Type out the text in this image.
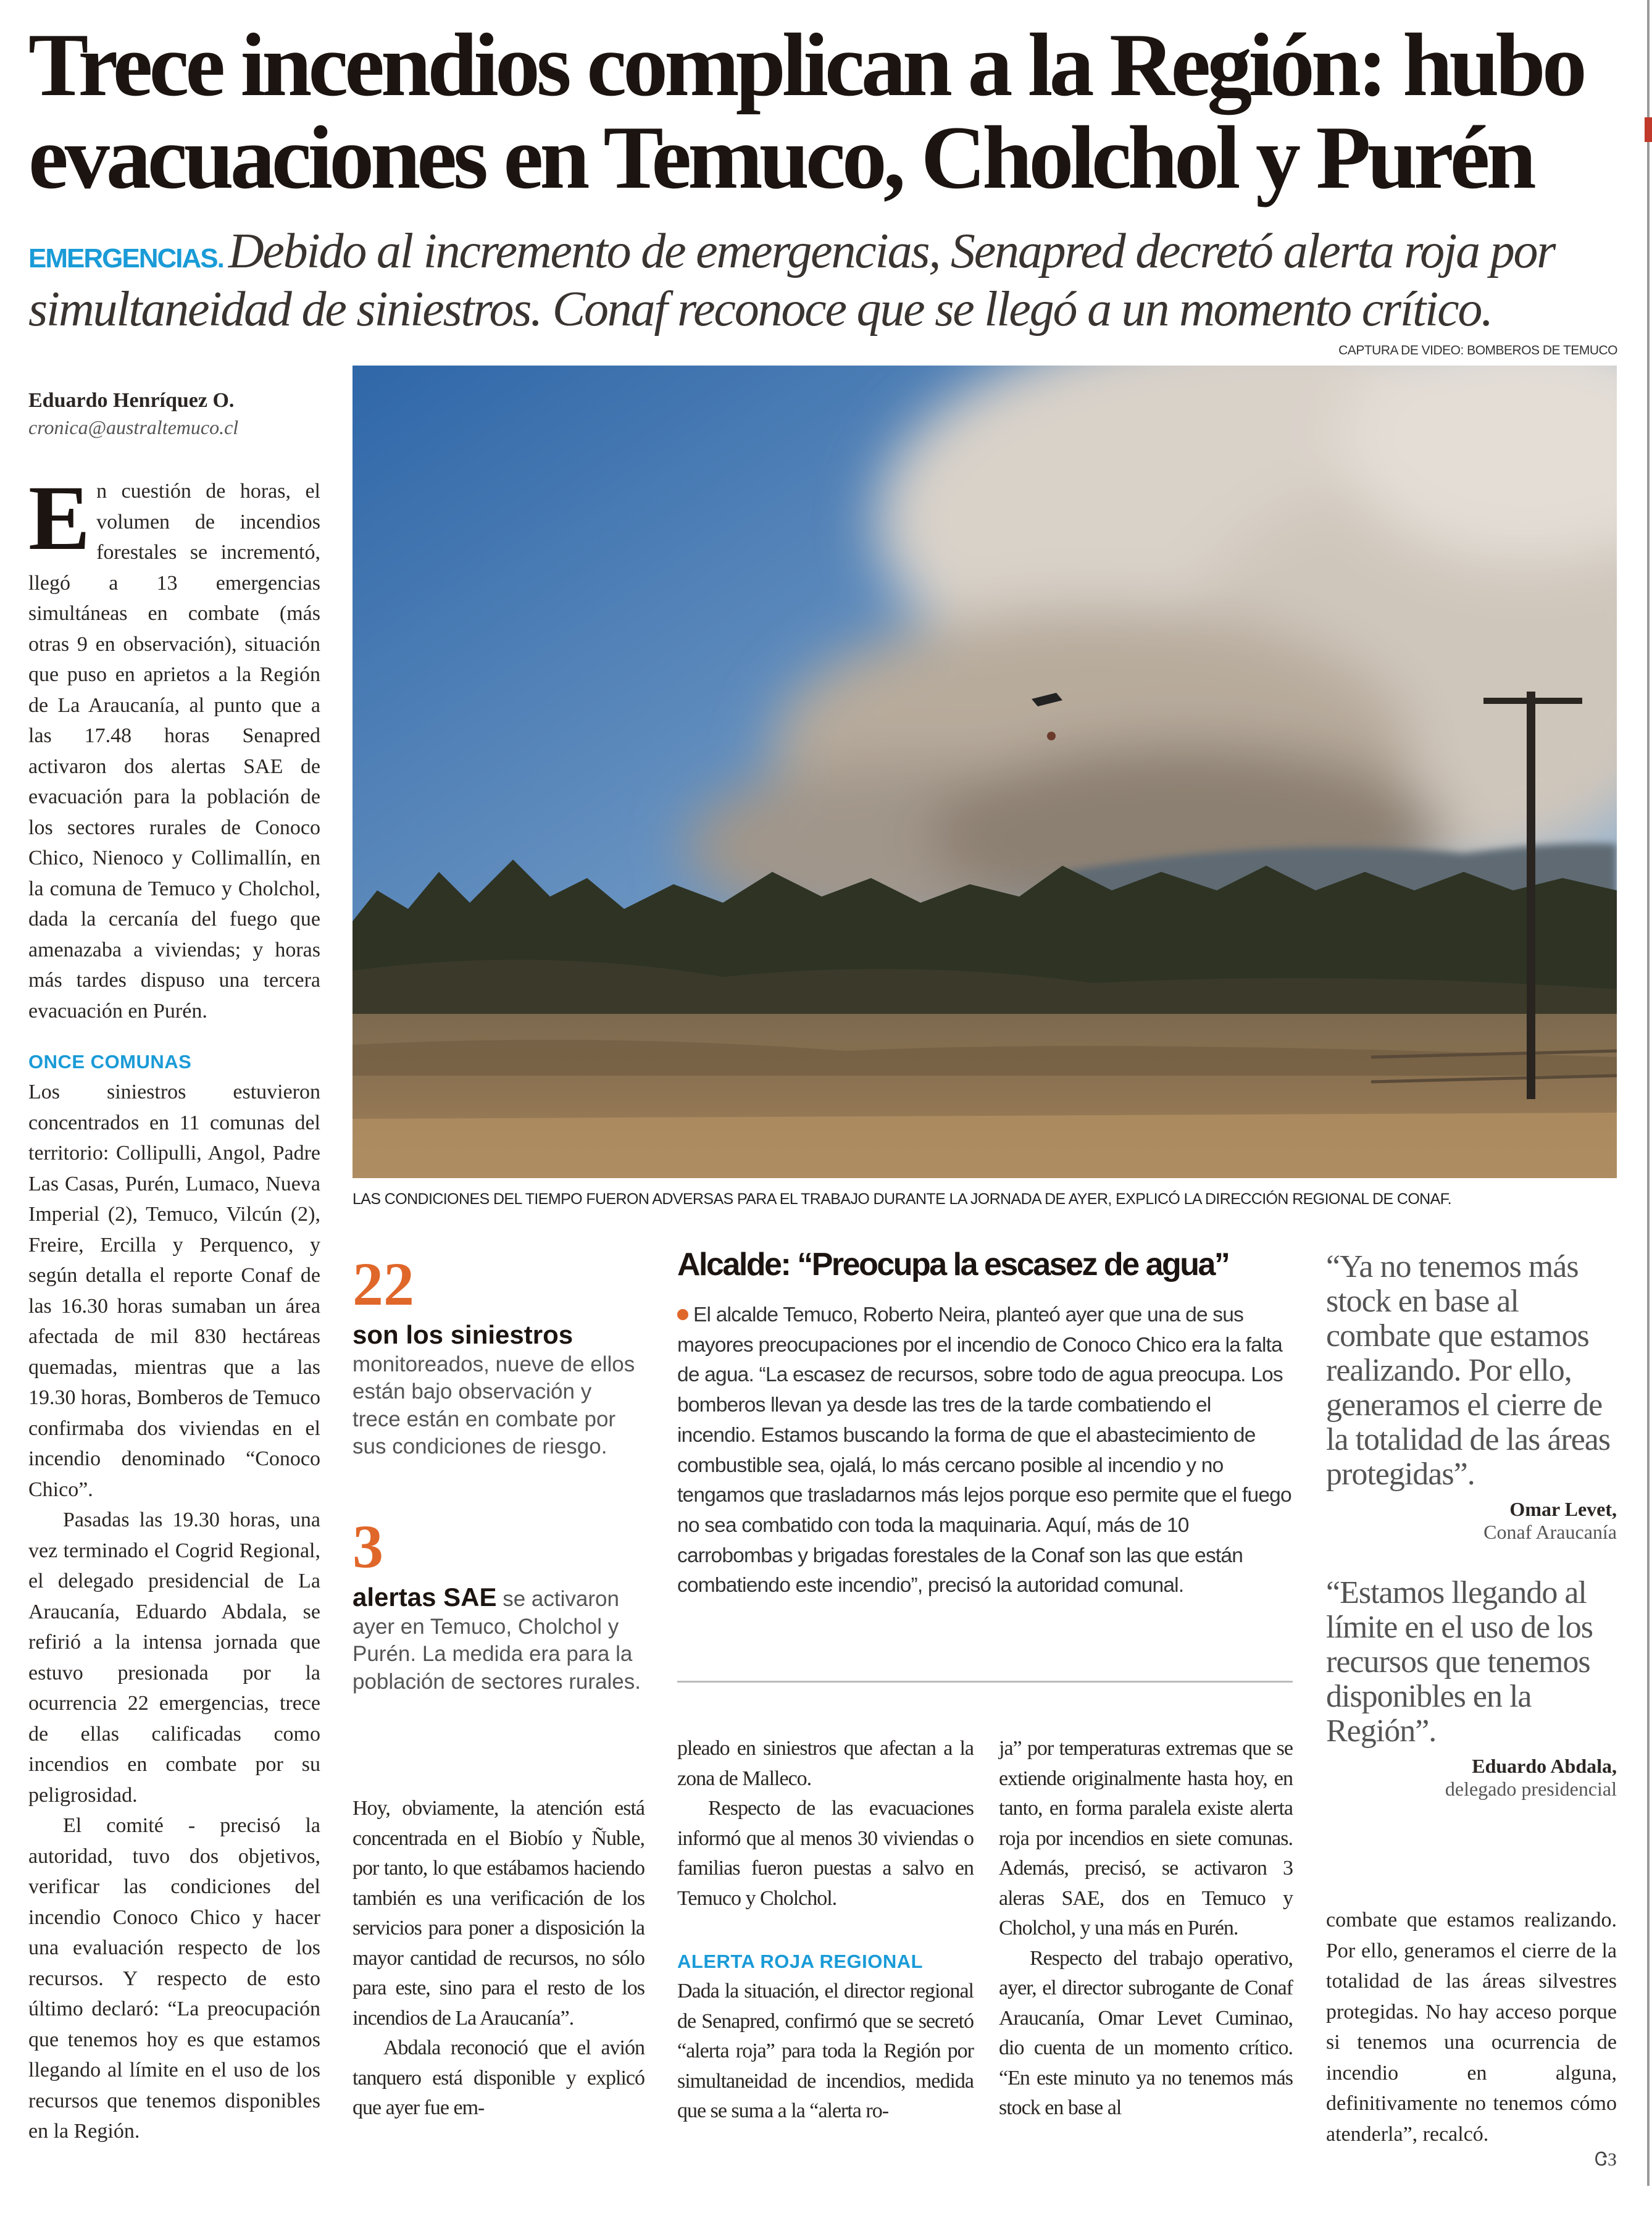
Trece incendios complican a la Región: hubo
evacuaciones en Temuco, Cholchol y Purén
EMERGENCIAS. Debido al incremento de emergencias, Senapred decretó alerta roja por simultaneidad de siniestros. Conaf reconoce que se llegó a un momento crítico.
CAPTURA DE VIDEO: BOMBEROS DE TEMUCO
LAS CONDICIONES DEL TIEMPO FUERON ADVERSAS PARA EL TRABAJO DURANTE LA JORNADA DE AYER, EXPLICÓ LA DIRECCIÓN REGIONAL DE CONAF.
Eduardo Henríquez O.
cronica@australtemuco.cl
E n cuestión de horas, el volumen de incendios forestales se incrementó, llegó a 13 emergencias simultáneas en combate (más otras 9 en observación), situación que puso en aprietos a la Región de La Araucanía, al punto que a las 17.48 horas Senapred activaron dos alertas SAE de evacuación para la población de los sectores rurales de Conoco Chico, Nienoco y Collimallín, en la comuna de Temuco y Cholchol, dada la cercanía del fuego que amenazaba a viviendas; y horas más tardes dispuso una tercera evacuación en Purén.

ONCE COMUNAS

Los siniestros estuvieron concentrados en 11 comunas del territorio: Collipulli, Angol, Padre Las Casas, Purén, Lumaco, Nueva Imperial (2), Temuco, Vilcún (2), Freire, Ercilla y Perquenco, y según detalla el reporte Conaf de las 16.30 horas sumaban un área afectada de mil 830 hectáreas quemadas, mientras que a las 19.30 horas, Bomberos de Temuco confirmaba dos viviendas en el incendio denominado “Conoco Chico”.

Pasadas las 19.30 horas, una vez terminado el Cogrid Regional, el delegado presidencial de La Araucanía, Eduardo Abdala, se refirió a la intensa jornada que estuvo presionada por la ocurrencia 22 emergencias, trece de ellas calificadas como incendios en combate por su peligrosidad.

El comité - precisó la autoridad, tuvo dos objetivos, verificar las condiciones del incendio Conoco Chico y hacer una evaluación respecto de los recursos. Y respecto de esto último declaró: “La preocupación que tenemos hoy es que estamos llegando al límite en el uso de los recursos que tenemos disponibles en la Región.

22
son los siniestros monitoreados, nueve de ellos están bajo observación y trece están en combate por sus condiciones de riesgo.
3
alertas SAE se activaron ayer en Temuco, Cholchol y Purén. La medida era para la población de sectores rurales.
Alcalde: “Preocupa la escasez de agua”
El alcalde Temuco, Roberto Neira, planteó ayer que una de sus mayores preocupaciones por el incendio de Conoco Chico era la falta de agua. “La escasez de recursos, sobre todo de agua preocupa. Los bomberos llevan ya desde las tres de la tarde combatiendo el incendio. Estamos buscando la forma de que el abastecimiento de combustible sea, ojalá, lo más cercano posible al incendio y no tengamos que trasladarnos más lejos porque eso permite que el fuego no sea combatido con toda la maquinaria. Aquí, más de 10 carrobombas y brigadas forestales de la Conaf son las que están combatiendo este incendio”, precisó la autoridad comunal.

Hoy, obviamente, la atención está concentrada en el Biobío y Ñuble, por tanto, lo que estábamos haciendo también es una verificación de los servicios para poner a disposición la mayor cantidad de recursos, no sólo para este, sino para el resto de los incendios de La Araucanía”.

Abdala reconoció que el avión tanquero está disponible y explicó que ayer fue em-

pleado en siniestros que afectan a la zona de Malleco.

Respecto de las evacuaciones informó que al menos 30 viviendas o familias fueron puestas a salvo en Temuco y Cholchol.

ALERTA ROJA REGIONAL

Dada la situación, el director regional de Senapred, confirmó que se secretó “alerta roja” para toda la Región por simultaneidad de incendios, medida que se suma a la “alerta ro-

ja” por temperaturas extremas que se extiende originalmente hasta hoy, en tanto, en forma paralela existe alerta roja por incendios en siete comunas. Además, precisó, se activaron 3 aleras SAE, dos en Temuco y Cholchol, y una más en Purén.

Respecto del trabajo operativo, ayer, el director subrogante de Conaf Araucanía, Omar Levet Cuminao, dio cuenta de un momento crítico. “En este minuto ya no tenemos más stock en base al

“Ya no tenemos más stock en base al combate que estamos realizando. Por ello, generamos el cierre de la totalidad de las áreas protegidas”.

Omar Levet,
Conaf Araucanía

“Estamos llegando al límite en el uso de los recursos que tenemos disponibles en la Región”.

Eduardo Abdala,
delegado presidencial

combate que estamos realizando. Por ello, generamos el cierre de la totalidad de las áreas silvestres protegidas. No hay acceso porque si tenemos una ocurrencia de incendio en alguna, definitivamente no tenemos cómo atenderla”, recalcó.

ᏣЗ
